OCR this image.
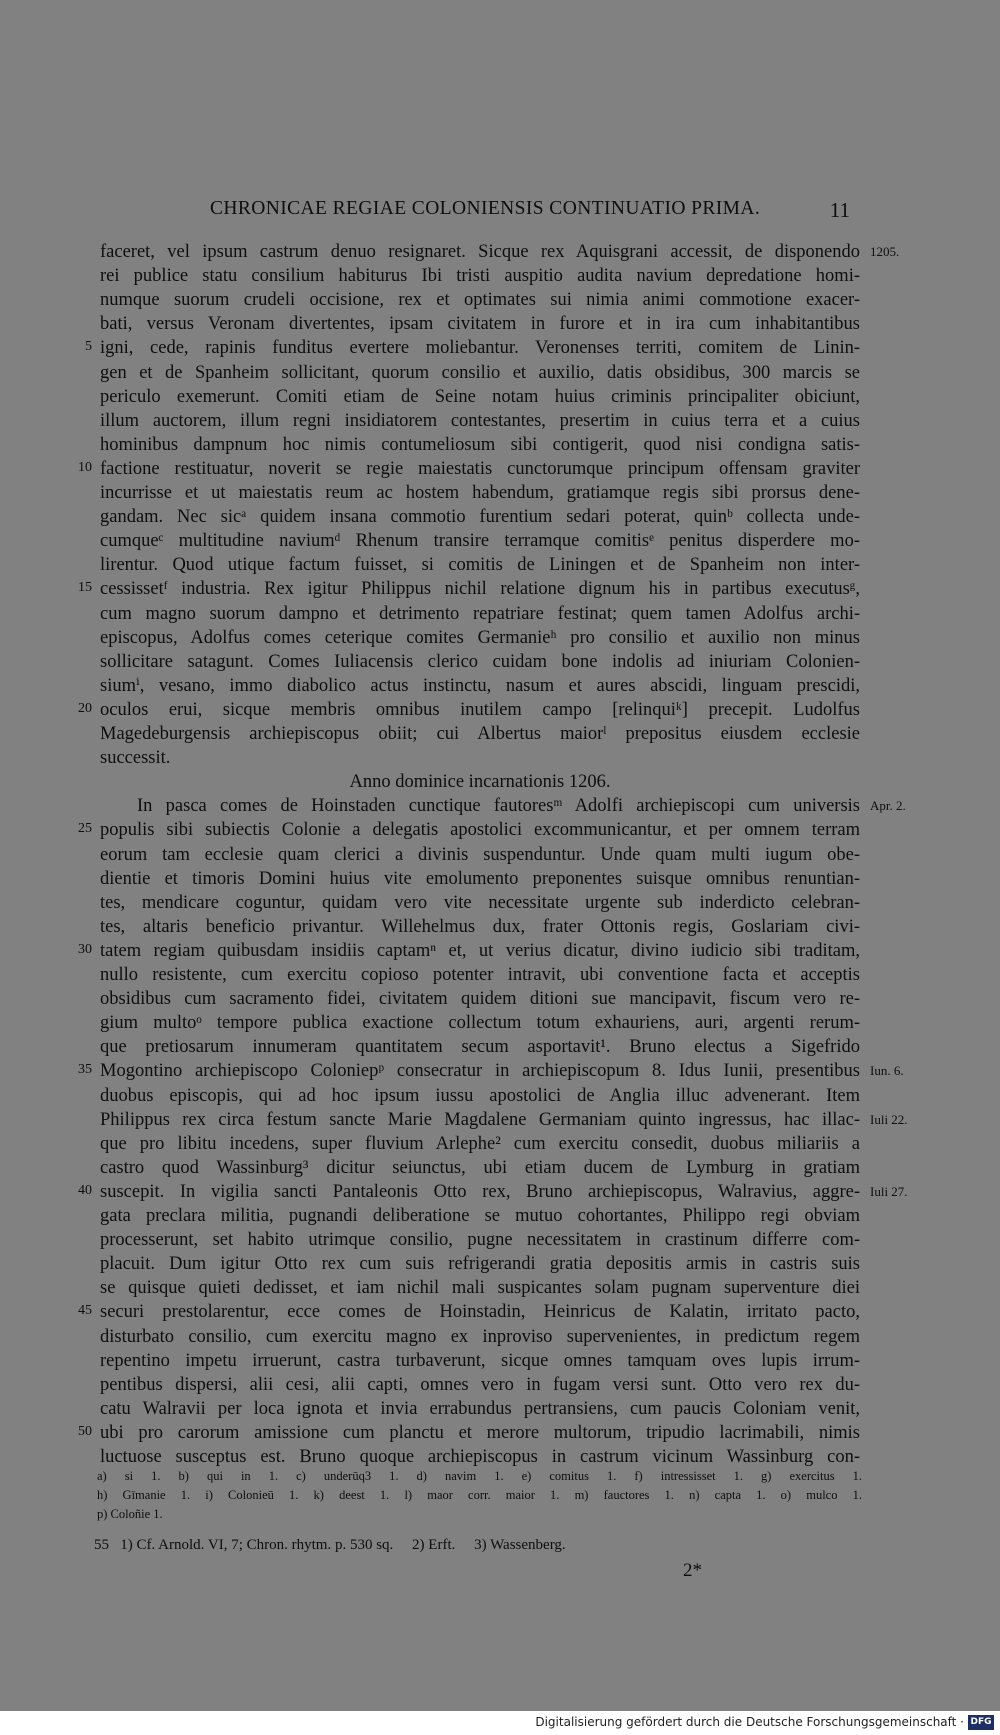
CHRONICAE REGIAE COLONIENSIS CONTINUATIO PRIMA.	11
faceret, vel ipsum castrum denuo resignaret. Sicque rex Aquisgrani accessit, de disponendo
rei publice statu consilium habiturus Ibi tristi auspitio audita navium depredatione homi-
numque suorum crudeli occisione, rex et optimates sui nimia animi commotione exacer-
bati, versus Veronam divertentes, ipsam civitatem in furore et in ira cum inhabitantibus
igni, cede, rapinis funditus evertere moliebantur. Veronenses territi, comitem de Linin-
gen et de Spanheim sollicitant, quorum consilio et auxilio, datis obsidibus, 300 marcis se
periculo exemerunt. Comiti etiam de Seine notam huius criminis principaliter obiciunt,
illum auctorem, illum regni insidiatorem contestantes, presertim in cuius terra et a cuius
hominibus dampnum hoc nimis contumeliosum sibi contigerit, quod nisi condigna satis-
factione restituatur, noverit se regie maiestatis cunctorumque principum offensam graviter
incurrisse et ut maiestatis reum ac hostem habendum, gratiamque regis sibi prorsus dene-
gandam. Nec sicᵃ quidem insana commotio furentium sedari poterat, quinᵇ collecta unde-
cumqueᶜ multitudine naviumᵈ Rhenum transire terramque comitisᵉ penitus disperdere mo-
lirentur. Quod utique factum fuisset, si comitis de Liningen et de Spanheim non inter-
cessissetᶠ industria. Rex igitur Philippus nichil relatione dignum his in partibus executusᵍ,
cum magno suorum dampno et detrimento repatriare festinat; quem tamen Adolfus archi-
episcopus, Adolfus comes ceterique comites Germanieʰ pro consilio et auxilio non minus
sollicitare satagunt. Comes Iuliacensis clerico cuidam bone indolis ad iniuriam Colonien-
siumⁱ, vesano, immo diabolico actus instinctu, nasum et aures abscidi, linguam prescidi,
oculos erui, sicque membris omnibus inutilem campo [relinquiᵏ] precepit. Ludolfus
Magedeburgensis archiepiscopus obiit; cui Albertus maiorˡ prepositus eiusdem ecclesie
successit.
Anno dominice incarnationis 1206.
In pasca comes de Hoinstaden cunctique fautoresᵐ Adolfi archiepiscopi cum universis
populis sibi subiectis Colonie a delegatis apostolici excommunicantur, et per omnem terram
eorum tam ecclesie quam clerici a divinis suspenduntur. Unde quam multi iugum obe-
dientie et timoris Domini huius vite emolumento preponentes suisque omnibus renuntian-
tes, mendicare coguntur, quidam vero vite necessitate urgente sub inderdicto celebran-
tes, altaris beneficio privantur. Willehelmus dux, frater Ottonis regis, Goslariam civi-
tatem regiam quibusdam insidiis captamⁿ et, ut verius dicatur, divino iudicio sibi traditam,
nullo resistente, cum exercitu copioso potenter intravit, ubi conventione facta et acceptis
obsidibus cum sacramento fidei, civitatem quidem ditioni sue mancipavit, fiscum vero re-
gium multoᵒ tempore publica exactione collectum totum exhauriens, auri, argenti rerum-
que pretiosarum innumeram quantitatem secum asportavit¹. Bruno electus a Sigefrido
Mogontino archiepiscopo Coloniepᵖ consecratur in archiepiscopum 8. Idus Iunii, presentibus
duobus episcopis, qui ad hoc ipsum iussu apostolici de Anglia illuc advenerant. Item
Philippus rex circa festum sancte Marie Magdalene Germaniam quinto ingressus, hac illac-
que pro libitu incedens, super fluvium Arlephe² cum exercitu consedit, duobus miliariis a
castro quod Wassinburg³ dicitur seiunctus, ubi etiam ducem de Lymburg in gratiam
suscepit. In vigilia sancti Pantaleonis Otto rex, Bruno archiepiscopus, Walravius, aggre-
gata preclara militia, pugnandi deliberatione se mutuo cohortantes, Philippo regi obviam
processerunt, set habito utrimque consilio, pugne necessitatem in crastinum differre com-
placuit. Dum igitur Otto rex cum suis refrigerandi gratia depositis armis in castris suis
se quisque quieti dedisset, et iam nichil mali suspicantes solam pugnam superventure diei
securi prestolarentur, ecce comes de Hoinstadin, Heinricus de Kalatin, irritato pacto,
disturbato consilio, cum exercitu magno ex inproviso supervenientes, in predictum regem
repentino impetu irruerunt, castra turbaverunt, sicque omnes tamquam oves lupis irrum-
pentibus dispersi, alii cesi, alii capti, omnes vero in fugam versi sunt. Otto vero rex du-
catu Walravii per loca ignota et invia errabundus pertransiens, cum paucis Coloniam venit,
ubi pro carorum amissione cum planctu et merore multorum, tripudio lacrimabili, nimis
luctuose susceptus est. Bruno quoque archiepiscopus in castrum vicinum Wassinburg con-
a) si 1. b) qui in 1. c) underūq3 1. d) navim 1. e) comitus 1. f) intressisset 1. g) exercitus 1.
h) Gīmanie 1. i) Colonieū 1. k) deest 1. l) maor corr. maior 1. m) fauctores 1. n) capta 1. o) mulco 1.
p) Coloñie 1.
55 1) Cf. Arnold. VI, 7; Chron. rhytm. p. 530 sq.     2) Erft.     3) Wassenberg.
2*
Digitalisierung gefördert durch die Deutsche Forschungsgemeinschaft · DFG
1205.
5
10
15
20
Apr. 2.
25
30
35	Iun. 6.
Iuli 22.
40	Iuli 27.
45
50
